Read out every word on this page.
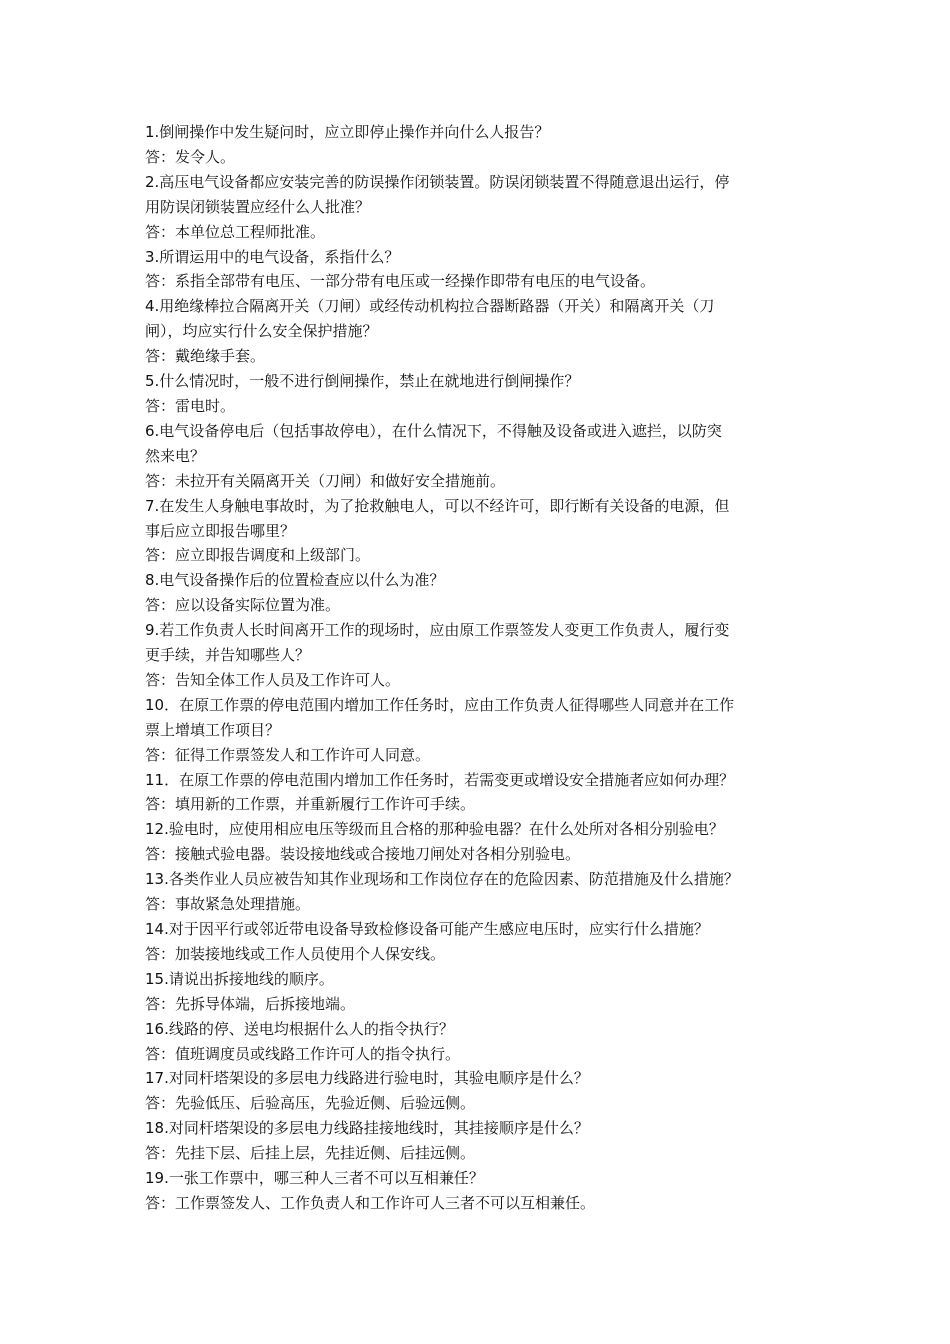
1.倒闸操作中发生疑问时，应立即停止操作并向什么人报告？
答：发令人。
2.高压电气设备都应安装完善的防误操作闭锁装置。防误闭锁装置不得随意退出运行，停
用防误闭锁装置应经什么人批准？
答：本单位总工程师批准。
3.所谓运用中的电气设备，系指什么？
答：系指全部带有电压、一部分带有电压或一经操作即带有电压的电气设备。
4.用绝缘棒拉合隔离开关（刀闸）或经传动机构拉合器断路器（开关）和隔离开关（刀
闸），均应实行什么安全保护措施？
答：戴绝缘手套。
5.什么情况时，一般不进行倒闸操作，禁止在就地进行倒闸操作？
答：雷电时。
6.电气设备停电后（包括事故停电），在什么情况下，不得触及设备或进入遮拦，以防突
然来电？
答：未拉开有关隔离开关（刀闸）和做好安全措施前。
7.在发生人身触电事故时，为了抢救触电人，可以不经许可，即行断有关设备的电源，但
事后应立即报告哪里？
答：应立即报告调度和上级部门。
8.电气设备操作后的位置检查应以什么为准？
答：应以设备实际位置为准。
9.若工作负责人长时间离开工作的现场时，应由原工作票签发人变更工作负责人，履行变
更手续，并告知哪些人？
答：告知全体工作人员及工作许可人。
10．在原工作票的停电范围内增加工作任务时，应由工作负责人征得哪些人同意并在工作
票上增填工作项目？
答：征得工作票签发人和工作许可人同意。
11．在原工作票的停电范围内增加工作任务时，若需变更或增设安全措施者应如何办理？
答：填用新的工作票，并重新履行工作许可手续。
12.验电时，应使用相应电压等级而且合格的那种验电器？在什么处所对各相分别验电？
答：接触式验电器。装设接地线或合接地刀闸处对各相分别验电。
13.各类作业人员应被告知其作业现场和工作岗位存在的危险因素、防范措施及什么措施？
答：事故紧急处理措施。
14.对于因平行或邻近带电设备导致检修设备可能产生感应电压时，应实行什么措施？
答：加装接地线或工作人员使用个人保安线。
15.请说出拆接地线的顺序。
答：先拆导体端，后拆接地端。
16.线路的停、送电均根据什么人的指令执行？
答：值班调度员或线路工作许可人的指令执行。
17.对同杆塔架设的多层电力线路进行验电时，其验电顺序是什么？
答：先验低压、后验高压，先验近侧、后验远侧。
18.对同杆塔架设的多层电力线路挂接地线时，其挂接顺序是什么？
答：先挂下层、后挂上层，先挂近侧、后挂远侧。
19.一张工作票中，哪三种人三者不可以互相兼任？
答：工作票签发人、工作负责人和工作许可人三者不可以互相兼任。
